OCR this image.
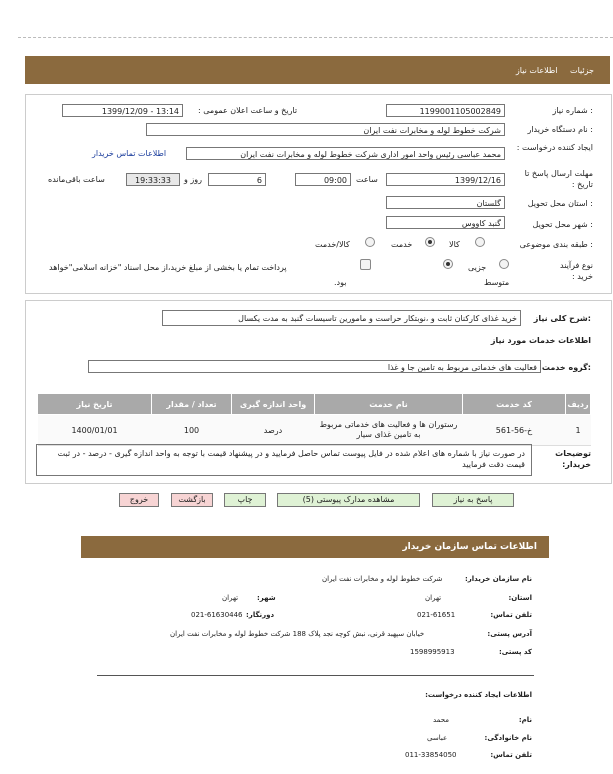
جزئیات اطلاعات نیاز
شماره نیاز :
1199001105002849
تاریخ و ساعت اعلان عمومی :
1399/12/09 - 13:14
نام دستگاه خریدار :
شرکت خطوط لوله و مخابرات نفت ایران
ایجاد کننده درخواست :
محمد عباسی رئیس واحد امور اداری شرکت خطوط لوله و مخابرات نفت ایران
اطلاعات تماس خریدار
مهلت ارسال پاسخ تا تاریخ :
1399/12/16
ساعت
09:00
6
روز و
19:33:33
ساعت باقی‌مانده
استان محل تحویل :
گلستان
شهر محل تحویل :
گنبد کاووس
طبقه بندی موضوعی :
کالا
خدمت
کالا/خدمت
نوع فرآیند خرید :
جزیی
متوسط
پرداخت تمام یا بخشی از مبلغ خرید،از محل اسناد "خزانه اسلامی"خواهد
بود.
شرح کلی نیاز:
خرید غذای کارکنان ثابت و ،نوبتکار حراست و مامورین تاسیسات گنبد به مدت یکسال
اطلاعات خدمات مورد نیاز
گروه خدمت:
فعالیت های خدماتی مربوط به تامین جا و غذا
ردیف	کد خدمت	نام خدمت	واحد اندازه گیری	تعداد / مقدار	تاریخ نیاز
1	خ-56-561	رستوران ها و فعالیت های خدماتی مربوط به تامین غذای سیار	درصد	100	1400/01/01
توضیحات خریدار:
در صورت نیاز با شماره های اعلام شده در فایل پیوست تماس حاصل فرمایید و در پیشنهاد قیمت با توجه به واحد اندازه گیری - درصد - در ثبت قیمت دقت فرمایید
پاسخ به نیاز
مشاهده مدارک پیوستی (5)
چاپ
بازگشت
خروج
اطلاعات تماس سازمان خریدار
نام سازمان خریدار:
شرکت خطوط لوله و مخابرات نفت ایران
استان:
تهران
شهر:
تهران
تلفن تماس:
021-61651
دورنگار:
021-61630446
آدرس پستی:
خیابان سپهبد قرنی، نبش کوچه نجد پلاک 188 شرکت خطوط لوله و مخابرات نفت ایران
کد پستی:
1598995913
اطلاعات ایجاد کننده درخواست:
نام:
محمد
نام خانوادگی:
عباسی
تلفن تماس:
011-33854050
